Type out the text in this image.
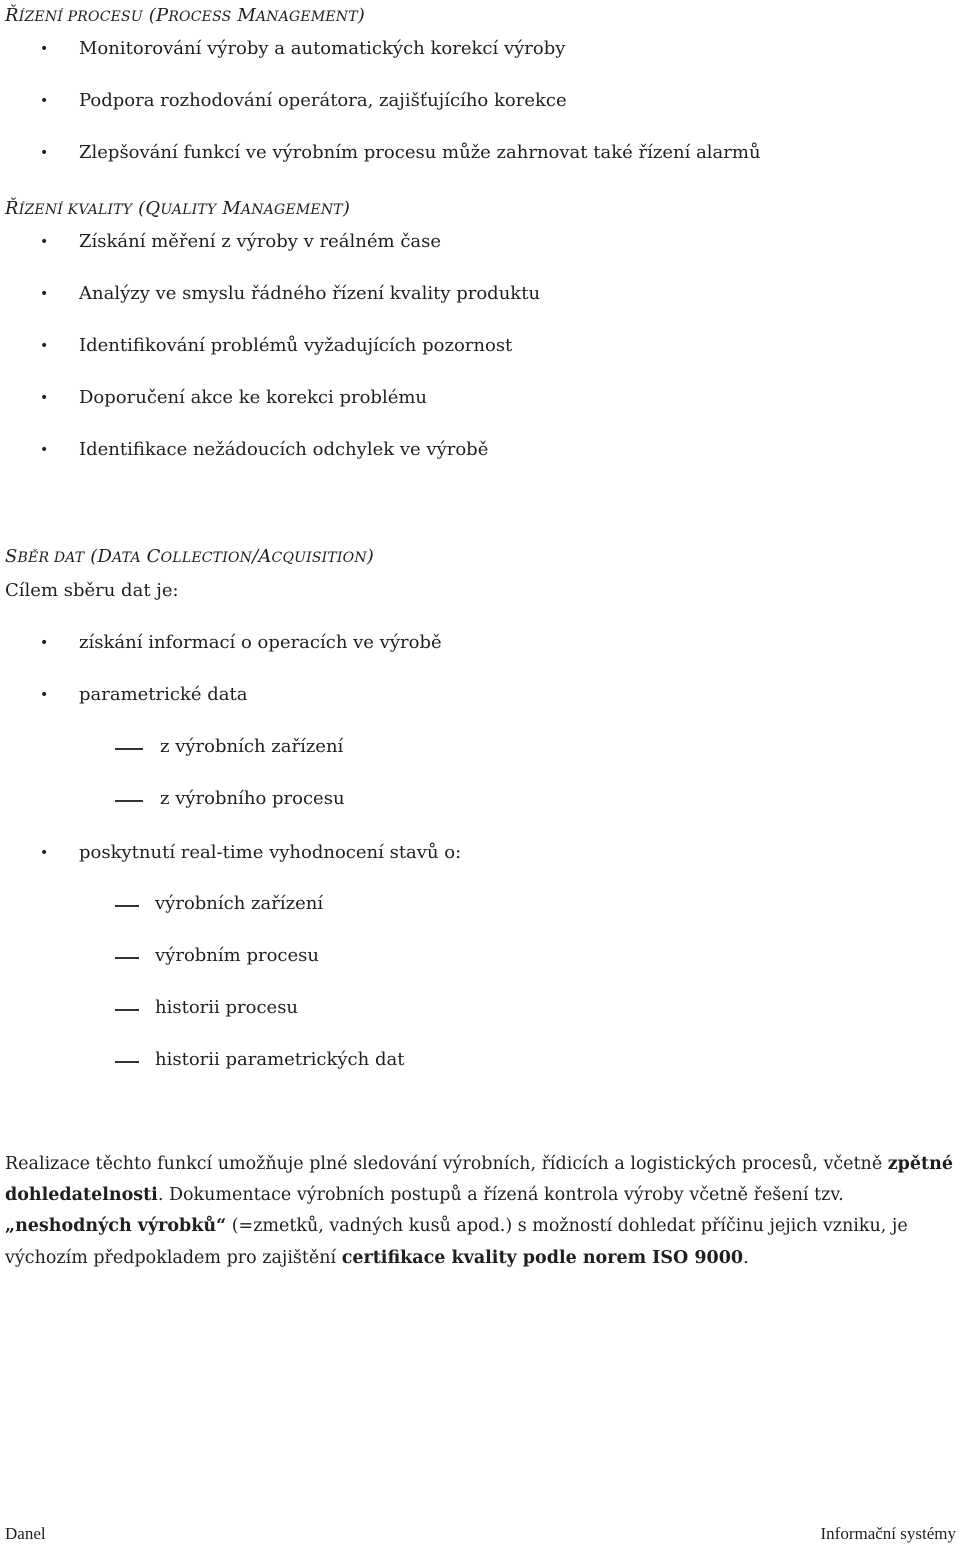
ŘÍZENÍ PROCESU (PROCESS MANAGEMENT)
• Monitorování výroby a automatických korekcí výroby
• Podpora rozhodování operátora, zajišťujícího korekce
• Zlepšování funkcí ve výrobním procesu může zahrnovat také řízení alarmů
ŘÍZENÍ KVALITY (QUALITY MANAGEMENT)
• Získání měření z výroby v reálném čase
• Analýzy ve smyslu řádného řízení kvality produktu
• Identifikování problémů vyžadujících pozornost
• Doporučení akce ke korekci problému
• Identifikace nežádoucích odchylek ve výrobě
SBĚR DAT (DATA COLLECTION/ACQUISITION)
Cílem sběru dat je:
• získání informací o operacích ve výrobě
• parametrické data
z výrobních zařízení
z výrobního procesu
• poskytnutí real-time vyhodnocení stavů o:
výrobních zařízení
výrobním procesu
historii procesu
historii parametrických dat
Realizace těchto funkcí umožňuje plné sledování výrobních, řídicích a logistických procesů, včetně zpětné dohledatelnosti. Dokumentace výrobních postupů a řízená kontrola výroby včetně řešení tzv. „neshodných výrobků“ (=zmetků, vadných kusů apod.) s možností dohledat příčinu jejich vzniku, je výchozím předpokladem pro zajištění certifikace kvality podle norem ISO 9000.
Danel	Informační systémy
